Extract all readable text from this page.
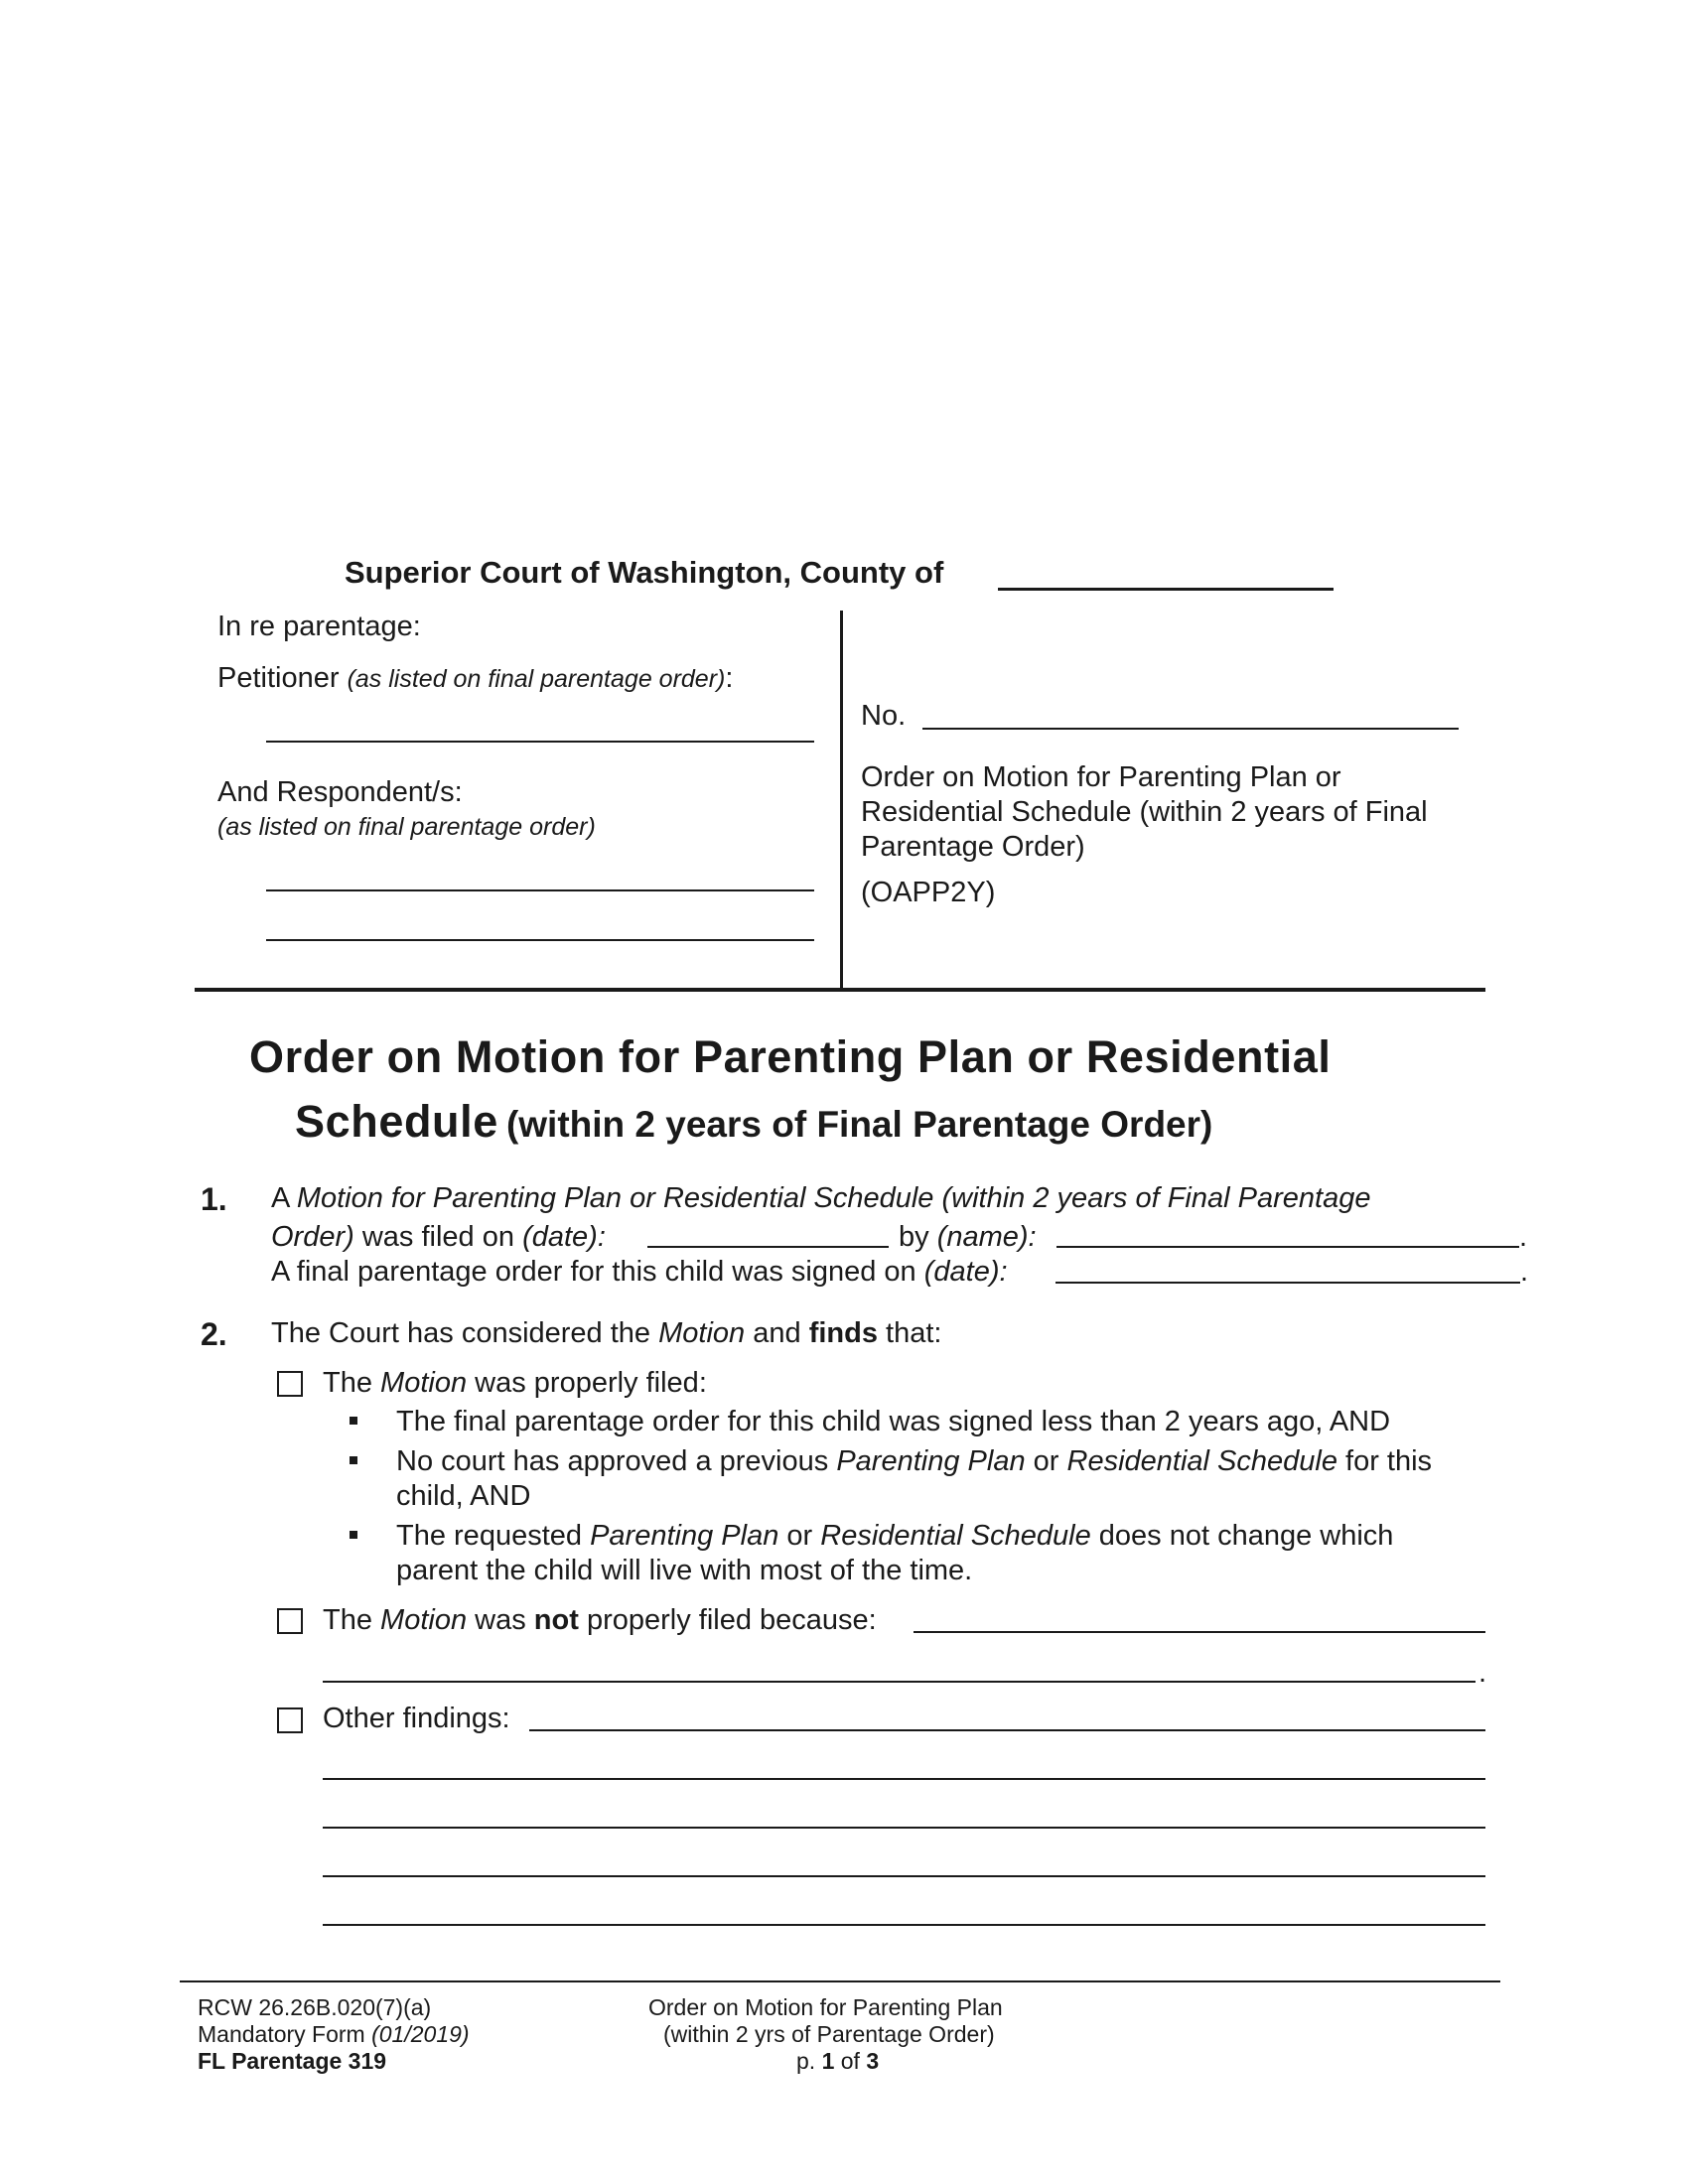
Superior Court of Washington, County of
In re parentage:
Petitioner (as listed on final parentage order):
And Respondent/s:
(as listed on final parentage order)
No.
Order on Motion for Parenting Plan or
Residential Schedule (within 2 years of Final
Parentage Order)
(OAPP2Y)
Order on Motion for Parenting Plan or Residential
Schedule (within 2 years of Final Parentage Order)
1. A Motion for Parenting Plan or Residential Schedule (within 2 years of Final Parentage
Order) was filed on (date):	by (name):	.
A final parentage order for this child was signed on (date):	.
2. The Court has considered the Motion and finds that:
The Motion was properly filed:
The final parentage order for this child was signed less than 2 years ago, AND
No court has approved a previous Parenting Plan or Residential Schedule for this
child, AND
The requested Parenting Plan or Residential Schedule does not change which
parent the child will live with most of the time.
The Motion was not properly filed because:
.
Other findings:
RCW 26.26B.020(7)(a)
Mandatory Form (01/2019)
FL Parentage 319
Order on Motion for Parenting Plan
(within 2 yrs of Parentage Order)
p. 1 of 3
